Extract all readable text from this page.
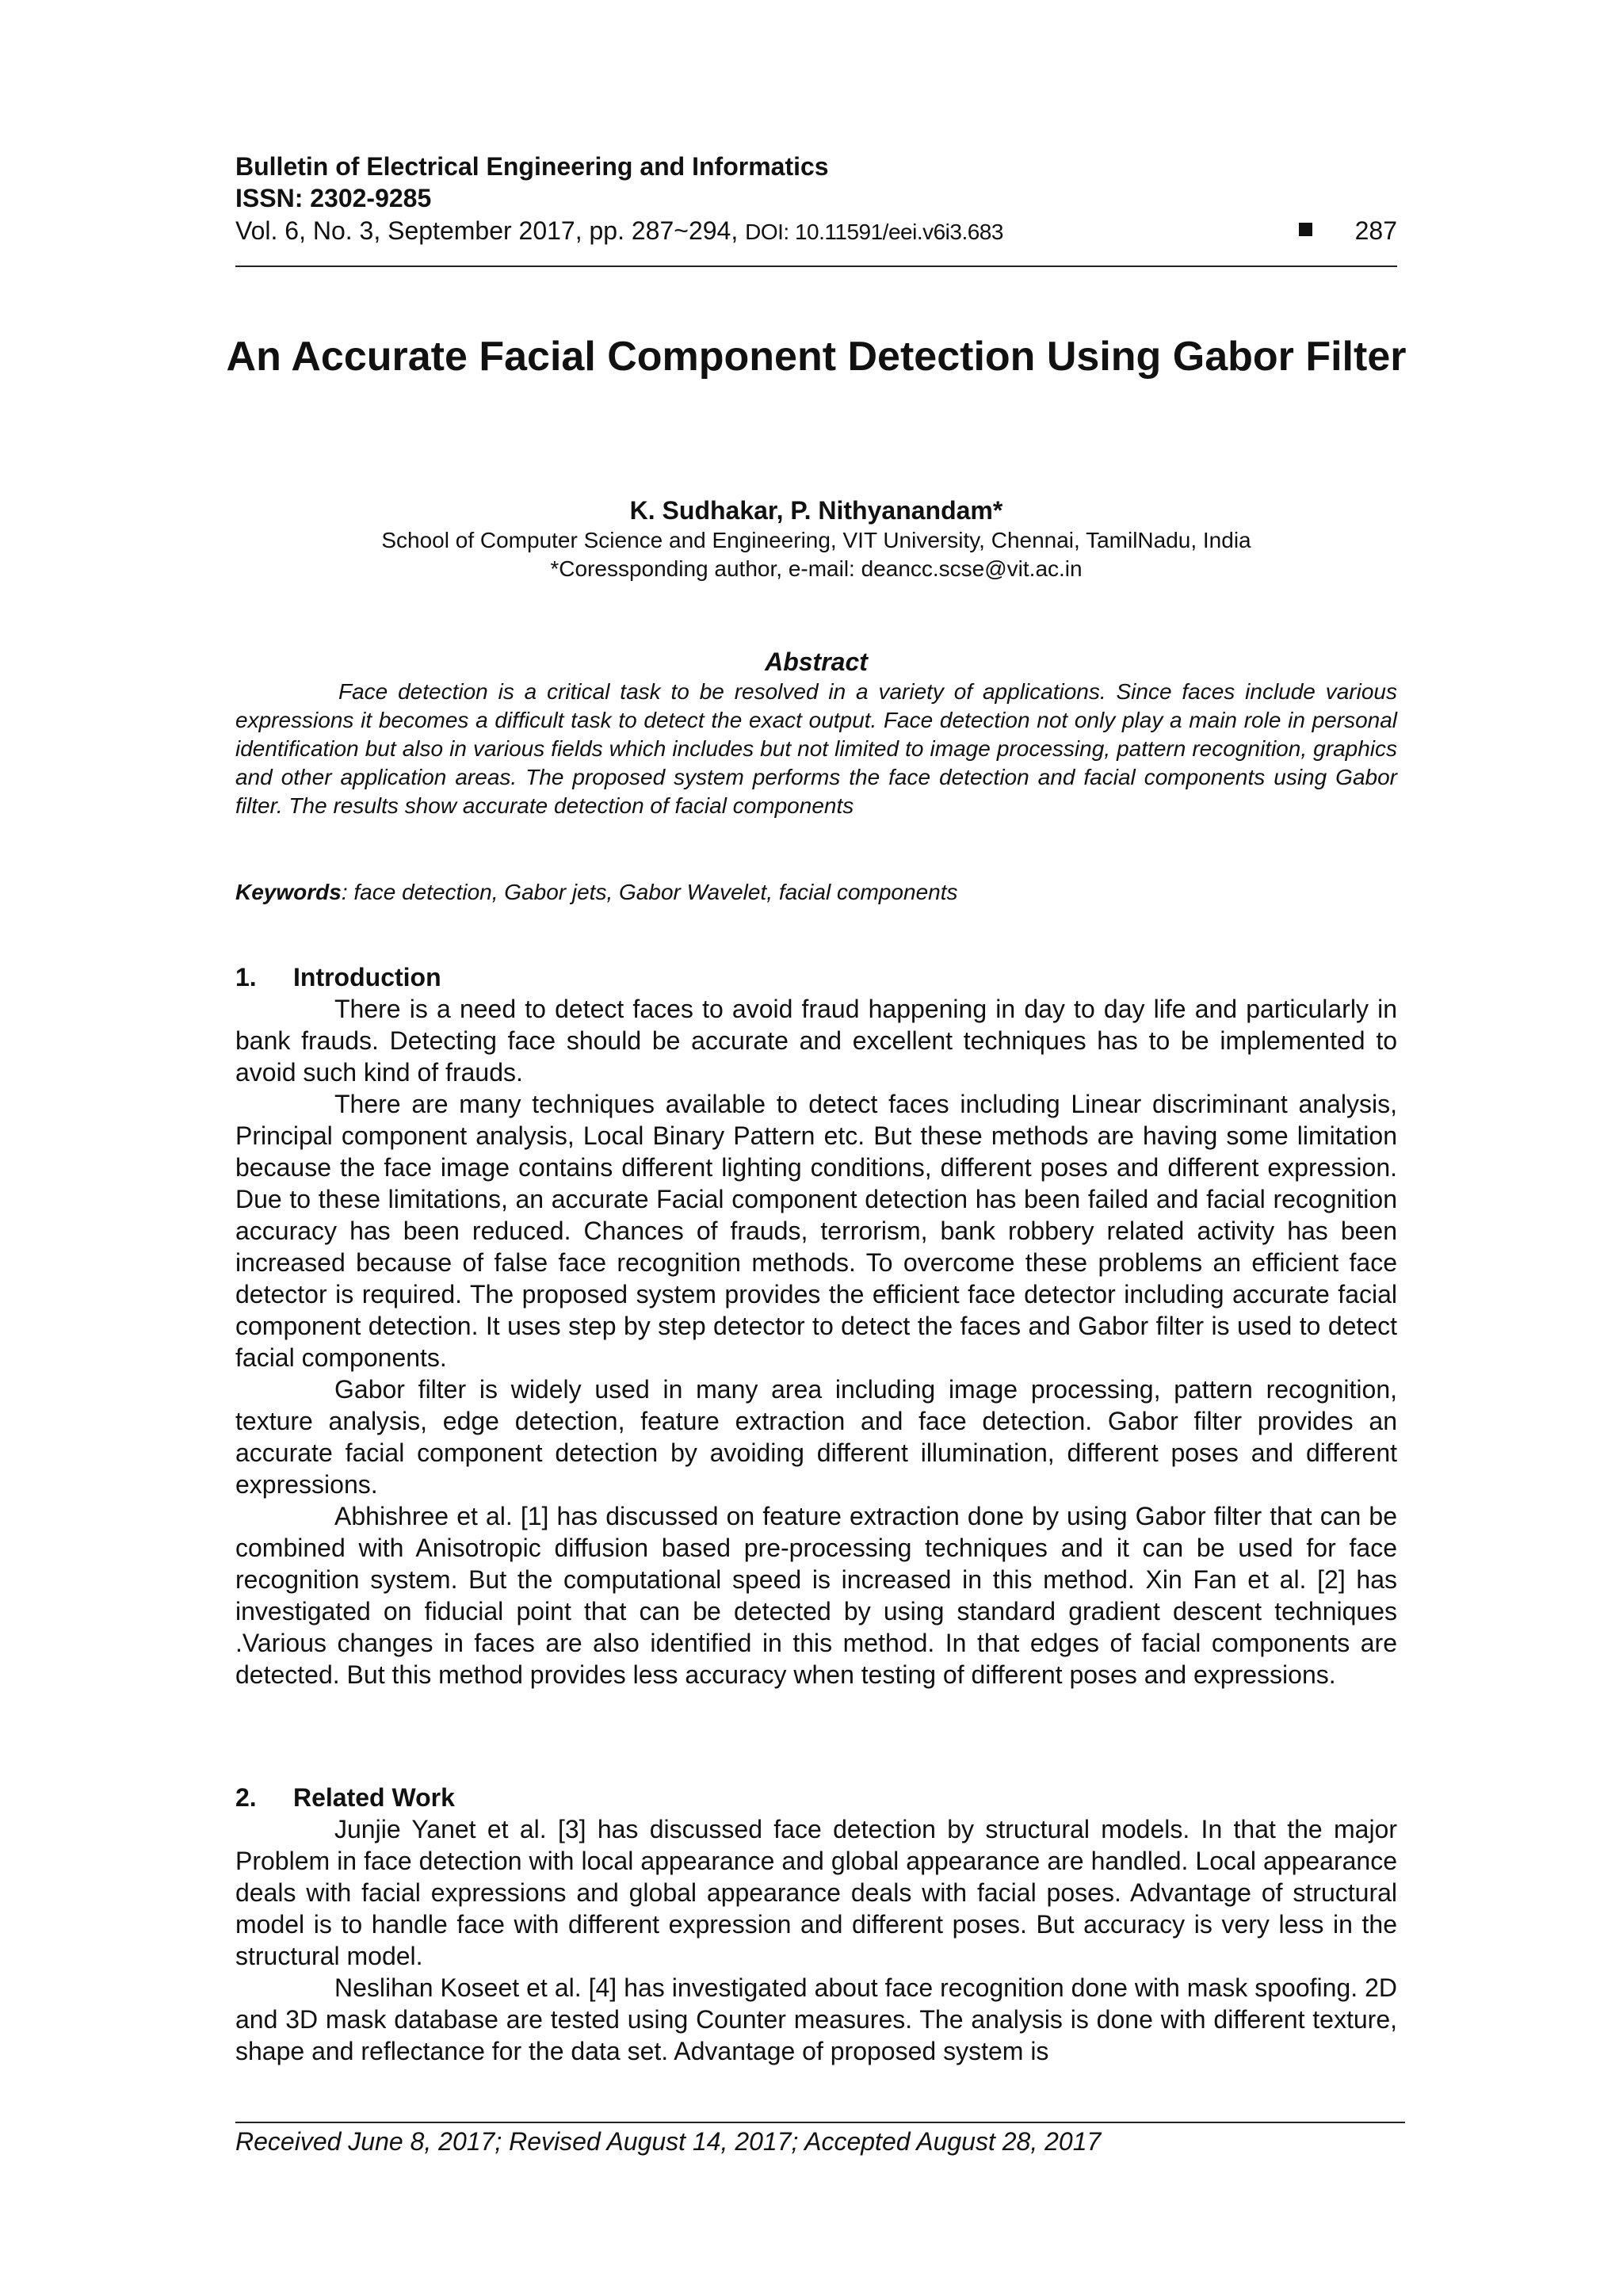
Bulletin of Electrical Engineering and Informatics
ISSN: 2302-9285
Vol. 6, No. 3, September 2017, pp. 287~294, DOI: 10.11591/eei.v6i3.683	287
An Accurate Facial Component Detection Using Gabor Filter
K. Sudhakar, P. Nithyanandam*
School of Computer Science and Engineering, VIT University, Chennai, TamilNadu, India
*Coressponding author, e-mail: deancc.scse@vit.ac.in
Abstract
Face detection is a critical task to be resolved in a variety of applications. Since faces include various expressions it becomes a difficult task to detect the exact output. Face detection not only play a main role in personal identification but also in various fields which includes but not limited to image processing, pattern recognition, graphics and other application areas. The proposed system performs the face detection and facial components using Gabor filter. The results show accurate detection of facial components
Keywords: face detection, Gabor jets, Gabor Wavelet, facial components
1. Introduction

There is a need to detect faces to avoid fraud happening in day to day life and particularly in bank frauds. Detecting face should be accurate and excellent techniques has to be implemented to avoid such kind of frauds.

There are many techniques available to detect faces including Linear discriminant analysis, Principal component analysis, Local Binary Pattern etc. But these methods are having some limitation because the face image contains different lighting conditions, different poses and different expression. Due to these limitations, an accurate Facial component detection has been failed and facial recognition accuracy has been reduced. Chances of frauds, terrorism, bank robbery related activity has been increased because of false face recognition methods. To overcome these problems an efficient face detector is required. The proposed system provides the efficient face detector including accurate facial component detection. It uses step by step detector to detect the faces and Gabor filter is used to detect facial components.

Gabor filter is widely used in many area including image processing, pattern recognition, texture analysis, edge detection, feature extraction and face detection. Gabor filter provides an accurate facial component detection by avoiding different illumination, different poses and different expressions.

Abhishree et al. [1] has discussed on feature extraction done by using Gabor filter that can be combined with Anisotropic diffusion based pre-processing techniques and it can be used for face recognition system. But the computational speed is increased in this method. Xin Fan et al. [2] has investigated on fiducial point that can be detected by using standard gradient descent techniques .Various changes in faces are also identified in this method. In that edges of facial components are detected. But this method provides less accuracy when testing of different poses and expressions.

2. Related Work

Junjie Yanet et al. [3] has discussed face detection by structural models. In that the major Problem in face detection with local appearance and global appearance are handled. Local appearance deals with facial expressions and global appearance deals with facial poses. Advantage of structural model is to handle face with different expression and different poses. But accuracy is very less in the structural model.

Neslihan Koseet et al. [4] has investigated about face recognition done with mask spoofing. 2D and 3D mask database are tested using Counter measures. The analysis is done with different texture, shape and reflectance for the data set. Advantage of proposed system is

Received June 8, 2017; Revised August 14, 2017; Accepted August 28, 2017
